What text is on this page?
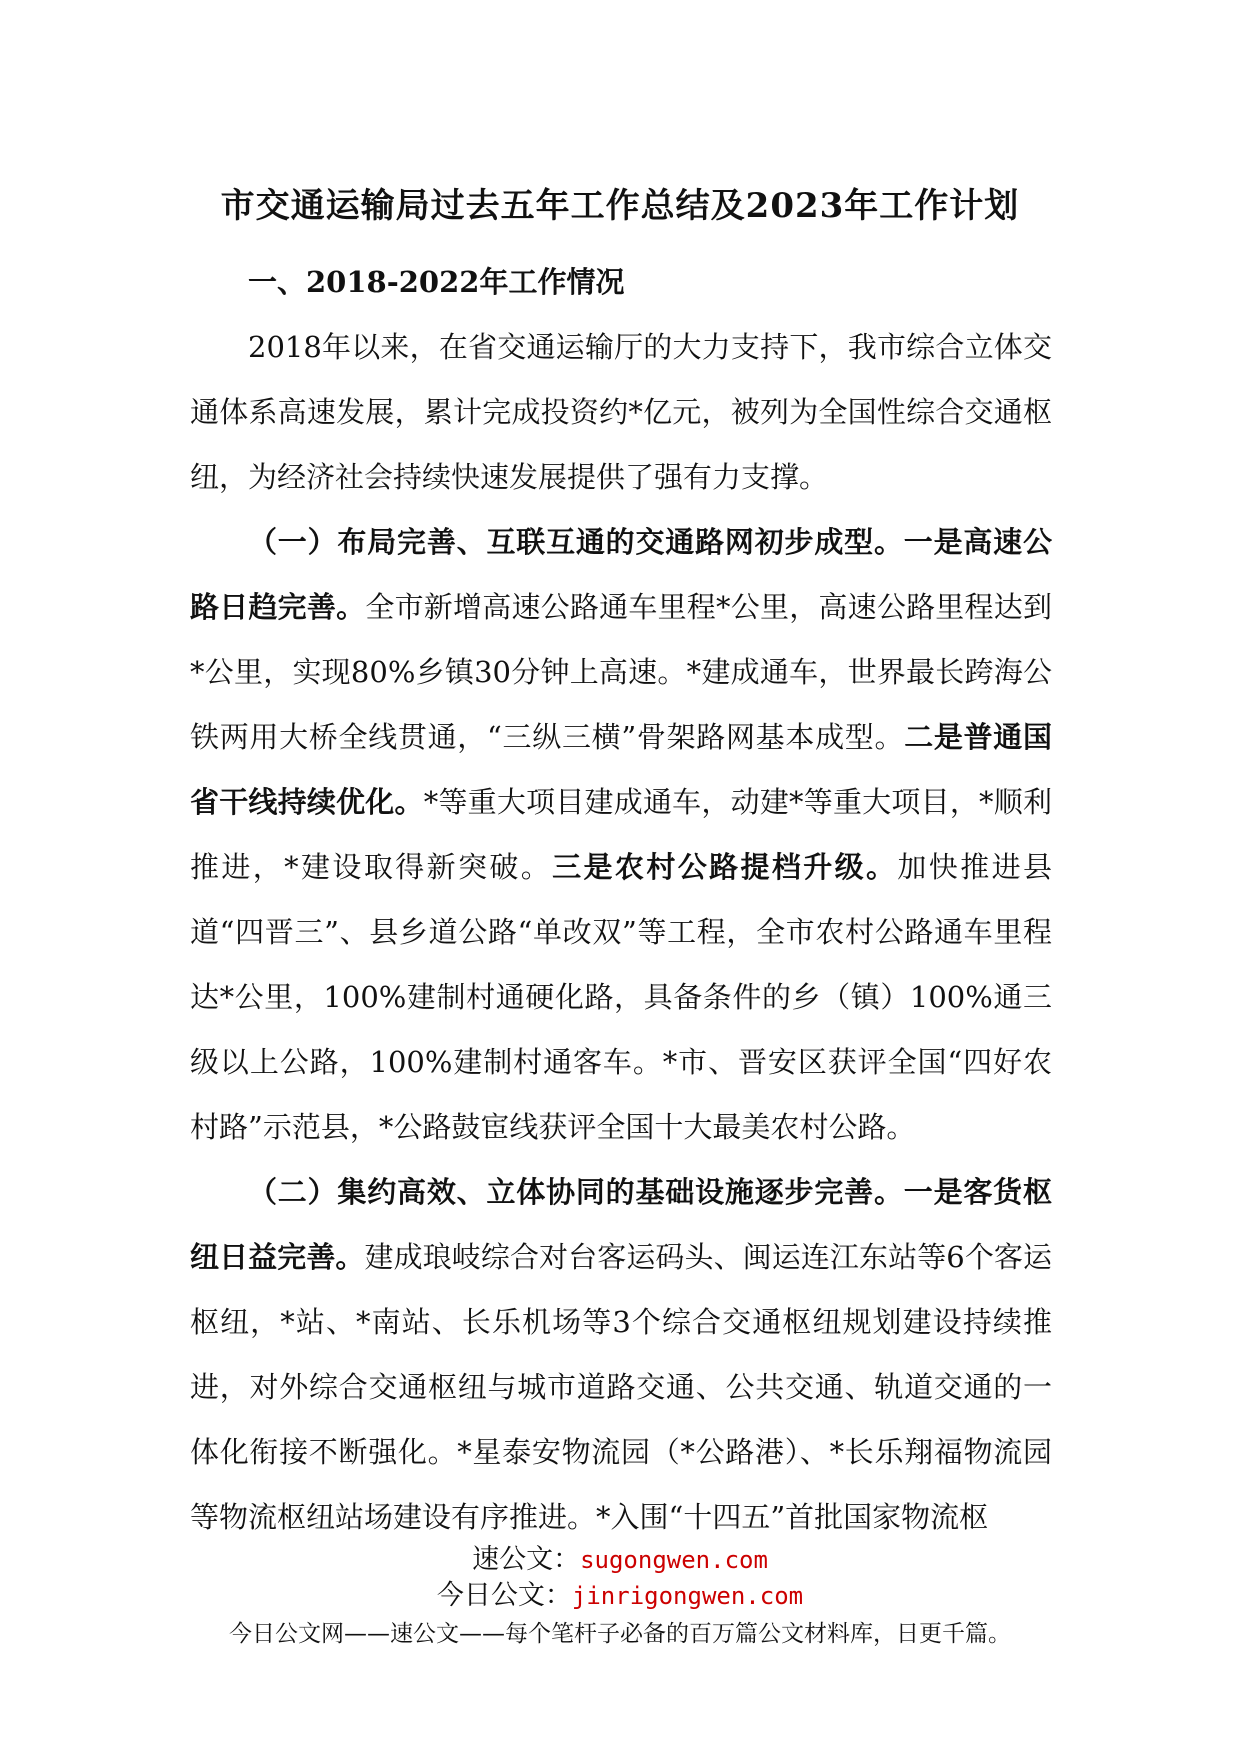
市交通运输局过去五年工作总结及2023年工作计划
一、2018-2022年工作情况

2018年以来，在省交通运输厅的大力支持下，我市综合立体交通体系高速发展，累计完成投资约*亿元，被列为全国性综合交通枢纽，为经济社会持续快速发展提供了强有力支撑。

（一）布局完善、互联互通的交通路网初步成型。一是高速公路日趋完善。全市新增高速公路通车里程*公里，高速公路里程达到*公里，实现80%乡镇30分钟上高速。*建成通车，世界最长跨海公铁两用大桥全线贯通，“三纵三横”骨架路网基本成型。二是普通国省干线持续优化。*等重大项目建成通车，动建*等重大项目，*顺利推进，*建设取得新突破。三是农村公路提档升级。加快推进县道“四晋三”、县乡道公路“单改双”等工程，全市农村公路通车里程达*公里，100%建制村通硬化路，具备条件的乡（镇）100%通三级以上公路，100%建制村通客车。*市、晋安区获评全国“四好农村路”示范县，*公路鼓宦线获评全国十大最美农村公路。

（二）集约高效、立体协同的基础设施逐步完善。一是客货枢纽日益完善。建成琅岐综合对台客运码头、闽运连江东站等6个客运枢纽，*站、*南站、长乐机场等3个综合交通枢纽规划建设持续推进，对外综合交通枢纽与城市道路交通、公共交通、轨道交通的一体化衔接不断强化。*星泰安物流园（*公路港）、*长乐翔福物流园等物流枢纽站场建设有序推进。*入围“十四五”首批国家物流枢

速公文：sugongwen.com
今日公文：jinrigongwen.com
今日公文网——速公文——每个笔杆子必备的百万篇公文材料库，日更千篇。
